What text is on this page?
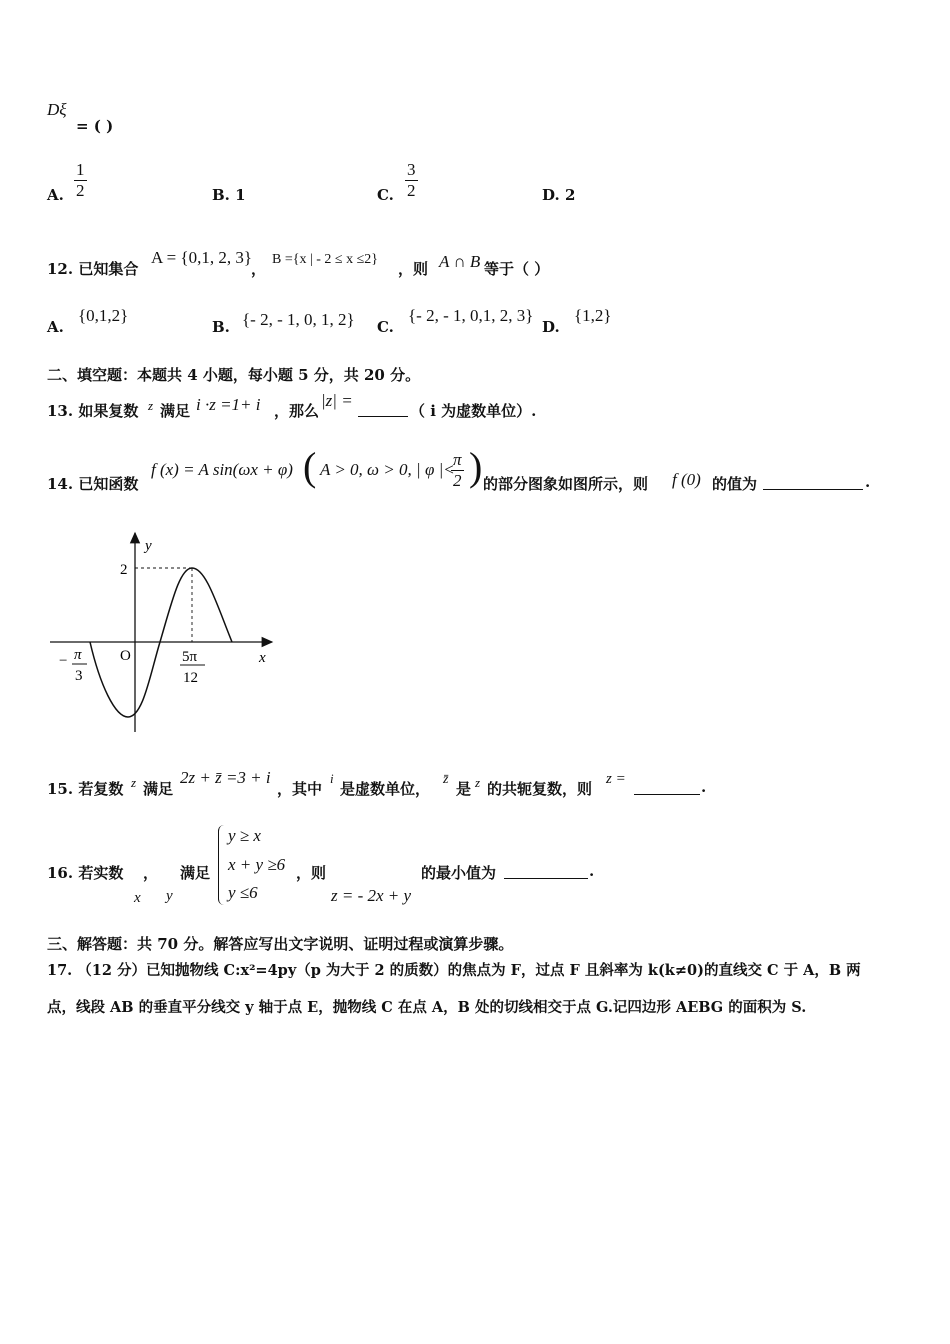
Dξ
= ( )
A. $\frac{1}{2}$	B. 1	C. $\frac{3}{2}$	D. 2
12. 已知集合
A = {0,1, 2, 3}
，
B ={x | - 2 ≤ x ≤2}
，则 A ∩ B 等于（ ）
A.
{0,1,2}
B. {- 2, - 1, 0, 1, 2} C.
{- 2, - 1, 0,1, 2, 3}
D.
{1,2}
二、填空题：本题共 4 小题，每小题 5 分，共 20 分。
13. 如果复数 z 满足 i ·z =1+ i ，那么
|z| =
（ i 为虚数单位）.
14. 已知函数
f (x) = A sin(ωx + φ) ( A > 0, ω > 0, | φ |<
$\frac{\pi}{2}$ ) 的部分图象如图所示，则 f (0) 的值为	.
y
x
O
2
− π
3
5π
12
15. 若复数 z 满足
2z + z̄ =3 + i
，其中
i
是虚数单位，
z̄
是 z 的共轭复数，则
z =	.
16. 若实数 ， 满足
y ≥ x
x + y ≥6
y ≤6
，则	的最小值为	.
x y	z = - 2x + y
三、解答题：共 70 分。解答应写出文字说明、证明过程或演算步骤。
17. （12 分）已知抛物线 C:x²=4py（p 为大于 2 的质数）的焦点为 F，过点 F 且斜率为 k(k≠0)的直线交 C 于 A，B 两
点，线段 AB 的垂直平分线交 y 轴于点 E，抛物线 C 在点 A，B 处的切线相交于点 G.记四边形 AEBG 的面积为 S.
